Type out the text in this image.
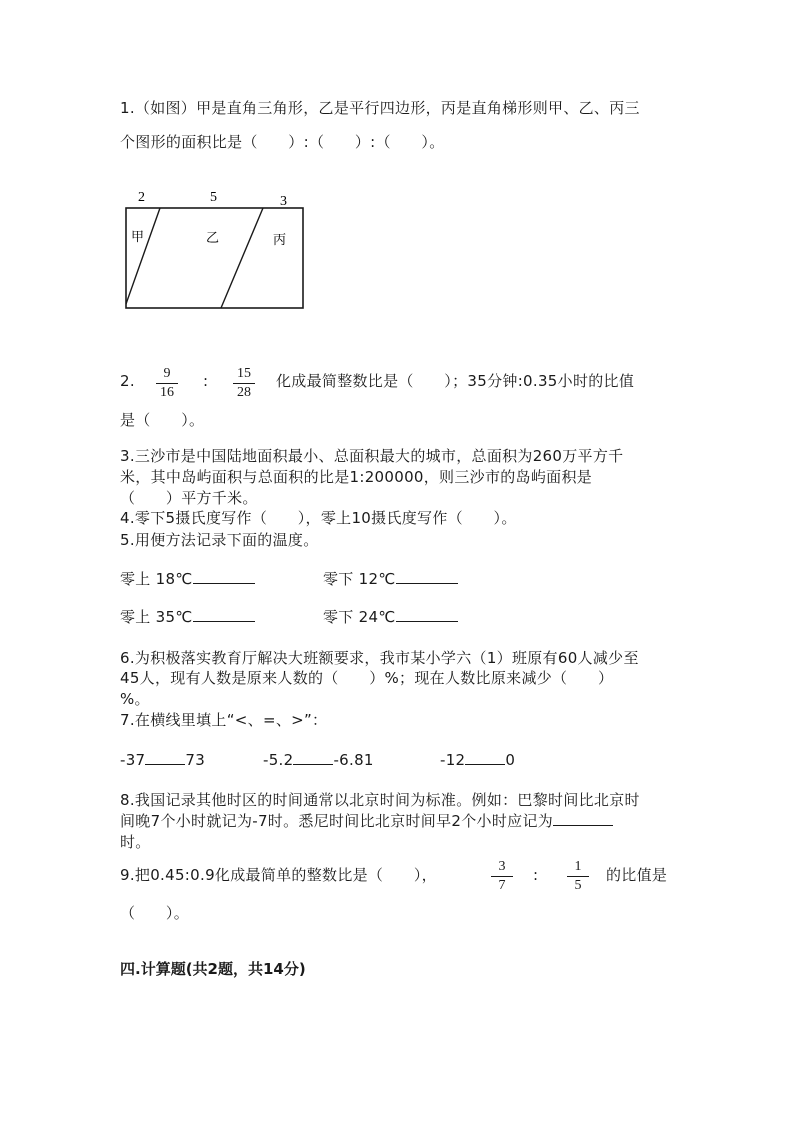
1.（如图）甲是直角三角形，乙是平行四边形，丙是直角梯形则甲、乙、丙三
个图形的面积比是（　　）:（　　）:（　　）。
2	5	3
甲	乙	丙
2.	9
16
:	15
28
化成最简整数比是（　　）；35分钟:0.35小时的比值
是（　　）。
3.三沙市是中国陆地面积最小、总面积最大的城市，总面积为260万平方千
米，其中岛屿面积与总面积的比是1:200000，则三沙市的岛屿面积是
（　　）平方千米。
4.零下5摄氏度写作（　　），零上10摄氏度写作（　　）。
5.用便方法记录下面的温度。
零上 18℃	零下 12℃
零上 35℃	零下 24℃
6.为积极落实教育厅解决大班额要求，我市某小学六（1）班原有60人减少至
45人，现有人数是原来人数的（　　）%；现在人数比原来减少（　　）
%。
7.在横线里填上“<、=、>”：
-37	73	-5.2	-6.81	-12	0
8.我国记录其他时区的时间通常以北京时间为标准。例如：巴黎时间比北京时
间晚7个小时就记为-7时。悉尼时间比北京时间早2个小时应记为
时。
9.把0.45:0.9化成最简单的整数比是（　　），	3
7
:	1
5
的比值是
（　　）。
四.计算题(共2题，共14分)
